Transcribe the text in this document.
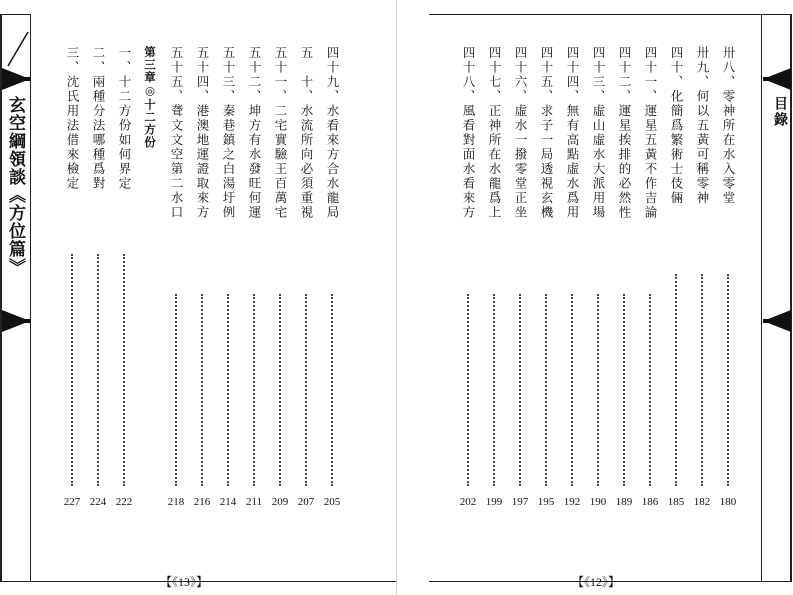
玄空綱領談《方位篇》	四十九、水看來方合水龍局
205
五　十、水流所向必須重視
207
五十一、二宅實驗王百萬宅
209
五十二、坤方有水發旺何運
211
五十三、秦巷鎮之白湯圩例
214
五十四、港澳地運證取來方
216
五十五、聋文文空第二水口
218
第三章◎十二方份
一、十二方份如何界定
222
二、兩種分法哪種爲對
224
三、沈氏用法借來檢定
227
【《13》】
目錄
卅八、零神所在水入零堂
180
卅九、何以五黃可稱零神
182
四十、化簡爲繁術士伎倆
185
四十一、運星五黃不作吉論
186
四十二、運星挨排的必然性
189
四十三、虛山虛水大派用場
190
四十四、無有高點虛水爲用
192
四十五、求子一局透視玄機
195
四十六、虛水一撥零堂正坐
197
四十七、正神所在水龍爲上
199
四十八、風看對面水看來方
202
【《12》】
